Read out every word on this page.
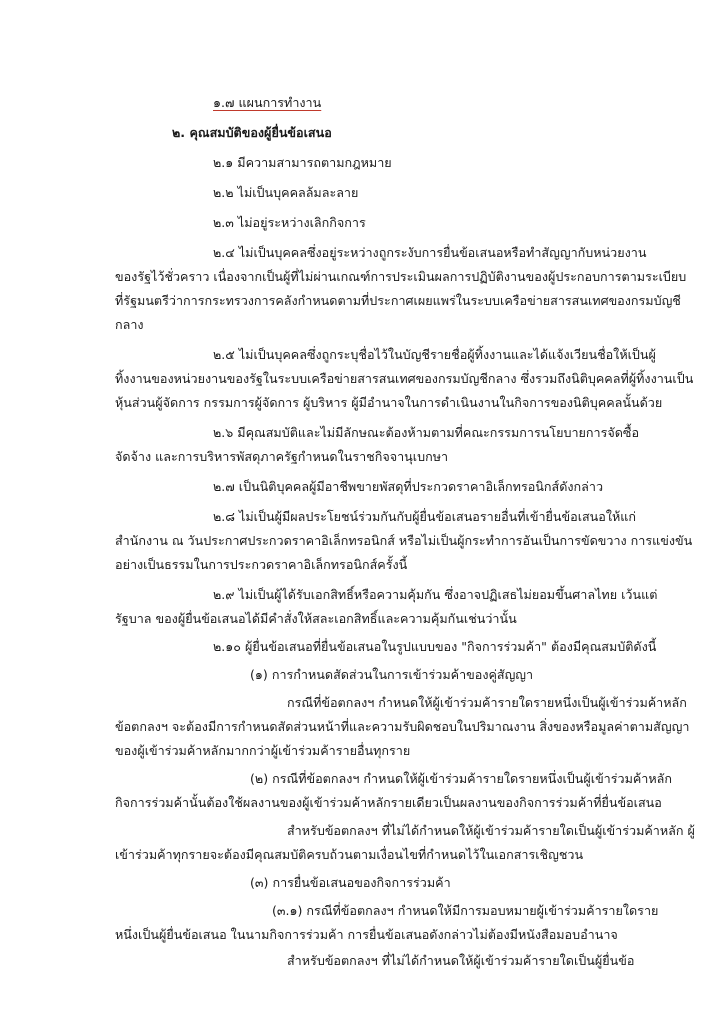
๑.๗ แผนการทำงาน
๒. คุณสมบัติของผู้ยื่นข้อเสนอ
๒.๑ มีความสามารถตามกฎหมาย
๒.๒ ไม่เป็นบุคคลล้มละลาย
๒.๓ ไม่อยู่ระหว่างเลิกกิจการ
๒.๔ ไม่เป็นบุคคลซึ่งอยู่ระหว่างถูกระงับการยื่นข้อเสนอหรือทำสัญญากับหน่วยงาน
ของรัฐไว้ชั่วคราว เนื่องจากเป็นผู้ที่ไม่ผ่านเกณฑ์การประเมินผลการปฏิบัติงานของผู้ประกอบการตามระเบียบ
ที่รัฐมนตรีว่าการกระทรวงการคลังกำหนดตามที่ประกาศเผยแพร่ในระบบเครือข่ายสารสนเทศของกรมบัญชี
กลาง
๒.๕ ไม่เป็นบุคคลซึ่งถูกระบุชื่อไว้ในบัญชีรายชื่อผู้ทิ้งงานและได้แจ้งเวียนชื่อให้เป็นผู้
ทิ้งงานของหน่วยงานของรัฐในระบบเครือข่ายสารสนเทศของกรมบัญชีกลาง ซึ่งรวมถึงนิติบุคคลที่ผู้ทิ้งงานเป็น
หุ้นส่วนผู้จัดการ กรรมการผู้จัดการ ผู้บริหาร ผู้มีอำนาจในการดำเนินงานในกิจการของนิติบุคคลนั้นด้วย
๒.๖ มีคุณสมบัติและไม่มีลักษณะต้องห้ามตามที่คณะกรรมการนโยบายการจัดซื้อ
จัดจ้าง และการบริหารพัสดุภาครัฐกำหนดในราชกิจจานุเบกษา
๒.๗ เป็นนิติบุคคลผู้มีอาชีพขายพัสดุที่ประกวดราคาอิเล็กทรอนิกส์ดังกล่าว
๒.๘ ไม่เป็นผู้มีผลประโยชน์ร่วมกันกับผู้ยื่นข้อเสนอรายอื่นที่เข้ายื่นข้อเสนอให้แก่
สำนักงาน ณ วันประกาศประกวดราคาอิเล็กทรอนิกส์ หรือไม่เป็นผู้กระทำการอันเป็นการขัดขวาง การแข่งขัน
อย่างเป็นธรรมในการประกวดราคาอิเล็กทรอนิกส์ครั้งนี้
๒.๙ ไม่เป็นผู้ได้รับเอกสิทธิ์หรือความคุ้มกัน ซึ่งอาจปฏิเสธไม่ยอมขึ้นศาลไทย เว้นแต่
รัฐบาล ของผู้ยื่นข้อเสนอได้มีคำสั่งให้สละเอกสิทธิ์และความคุ้มกันเช่นว่านั้น
๒.๑๐ ผู้ยื่นข้อเสนอที่ยื่นข้อเสนอในรูปแบบของ "กิจการร่วมค้า" ต้องมีคุณสมบัติดังนี้
(๑) การกำหนดสัดส่วนในการเข้าร่วมค้าของคู่สัญญา
กรณีที่ข้อตกลงฯ กำหนดให้ผู้เข้าร่วมค้ารายใดรายหนึ่งเป็นผู้เข้าร่วมค้าหลัก
ข้อตกลงฯ จะต้องมีการกำหนดสัดส่วนหน้าที่และความรับผิดชอบในปริมาณงาน สิ่งของหรือมูลค่าตามสัญญา
ของผู้เข้าร่วมค้าหลักมากกว่าผู้เข้าร่วมค้ารายอื่นทุกราย
(๒) กรณีที่ข้อตกลงฯ กำหนดให้ผู้เข้าร่วมค้ารายใดรายหนึ่งเป็นผู้เข้าร่วมค้าหลัก
กิจการร่วมค้านั้นต้องใช้ผลงานของผู้เข้าร่วมค้าหลักรายเดียวเป็นผลงานของกิจการร่วมค้าที่ยื่นข้อเสนอ
สำหรับข้อตกลงฯ ที่ไม่ได้กำหนดให้ผู้เข้าร่วมค้ารายใดเป็นผู้เข้าร่วมค้าหลัก ผู้
เข้าร่วมค้าทุกรายจะต้องมีคุณสมบัติครบถ้วนตามเงื่อนไขที่กำหนดไว้ในเอกสารเชิญชวน
(๓) การยื่นข้อเสนอของกิจการร่วมค้า
(๓.๑) กรณีที่ข้อตกลงฯ กำหนดให้มีการมอบหมายผู้เข้าร่วมค้ารายใดราย
หนึ่งเป็นผู้ยื่นข้อเสนอ ในนามกิจการร่วมค้า การยื่นข้อเสนอดังกล่าวไม่ต้องมีหนังสือมอบอำนาจ
สำหรับข้อตกลงฯ ที่ไม่ได้กำหนดให้ผู้เข้าร่วมค้ารายใดเป็นผู้ยื่นข้อ
